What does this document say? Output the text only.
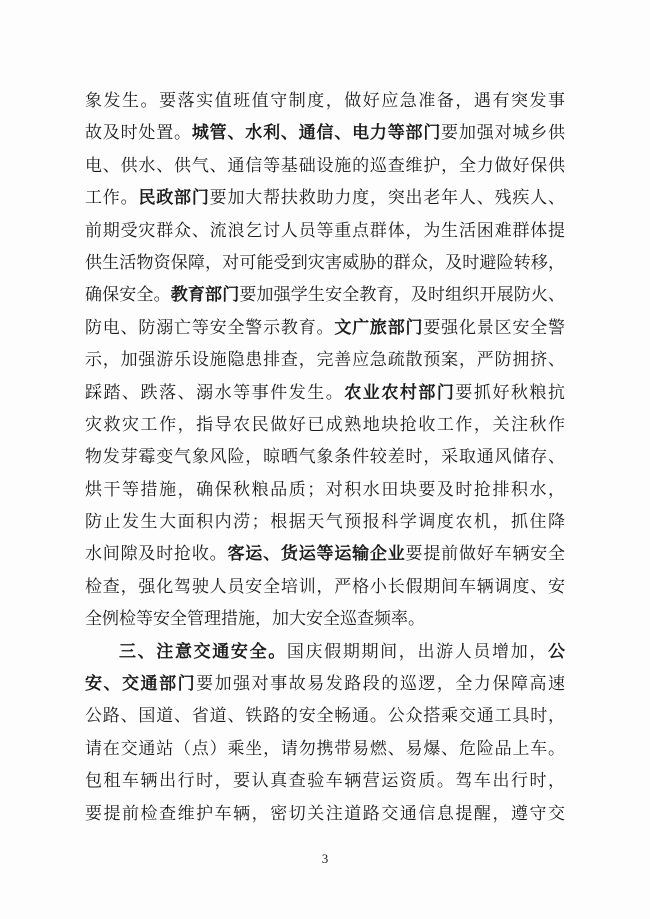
象发生。要落实值班值守制度，做好应急准备，遇有突发事
故及时处置。城管、水利、通信、电力等部门要加强对城乡供
电、供水、供气、通信等基础设施的巡查维护，全力做好保供
工作。民政部门要加大帮扶救助力度，突出老年人、残疾人、
前期受灾群众、流浪乞讨人员等重点群体，为生活困难群体提
供生活物资保障，对可能受到灾害威胁的群众，及时避险转移，
确保安全。教育部门要加强学生安全教育，及时组织开展防火、
防电、防溺亡等安全警示教育。文广旅部门要强化景区安全警
示，加强游乐设施隐患排查，完善应急疏散预案，严防拥挤、
踩踏、跌落、溺水等事件发生。农业农村部门要抓好秋粮抗
灾救灾工作，指导农民做好已成熟地块抢收工作，关注秋作
物发芽霉变气象风险，晾晒气象条件较差时，采取通风储存、
烘干等措施，确保秋粮品质；对积水田块要及时抢排积水，
防止发生大面积内涝；根据天气预报科学调度农机，抓住降
水间隙及时抢收。客运、货运等运输企业要提前做好车辆安全
检查，强化驾驶人员安全培训，严格小长假期间车辆调度、安
全例检等安全管理措施，加大安全巡查频率。
三、注意交通安全。国庆假期期间，出游人员增加，公
安、交通部门要加强对事故易发路段的巡逻，全力保障高速
公路、国道、省道、铁路的安全畅通。公众搭乘交通工具时，
请在交通站（点）乘坐，请勿携带易燃、易爆、危险品上车。
包租车辆出行时，要认真查验车辆营运资质。驾车出行时，
要提前检查维护车辆，密切关注道路交通信息提醒，遵守交
3
